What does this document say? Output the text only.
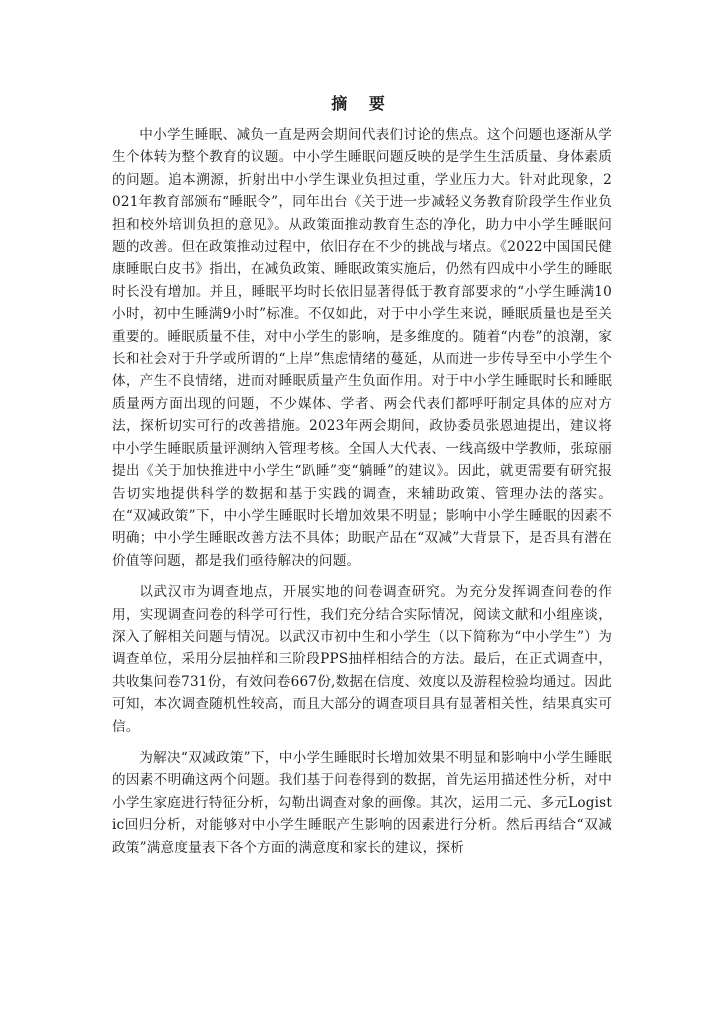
摘 要

中小学生睡眠、减负一直是两会期间代表们讨论的焦点。这个问题也逐渐从学生个体转为整个教育的议题。中小学生睡眠问题反映的是学生生活质量、身体素质的问题。追本溯源，折射出中小学生课业负担过重，学业压力大。针对此现象，2021年教育部颁布“睡眠令”，同年出台《关于进一步减轻义务教育阶段学生作业负担和校外培训负担的意见》。从政策面推动教育生态的净化，助力中小学生睡眠问题的改善。但在政策推动过程中，依旧存在不少的挑战与堵点。《2022中国国民健康睡眠白皮书》指出，在减负政策、睡眠政策实施后，仍然有四成中小学生的睡眠时长没有增加。并且，睡眠平均时长依旧显著得低于教育部要求的“小学生睡满10小时，初中生睡满9小时”标准。不仅如此，对于中小学生来说，睡眠质量也是至关重要的。睡眠质量不佳，对中小学生的影响，是多维度的。随着“内卷”的浪潮，家长和社会对于升学或所谓的“上岸”焦虑情绪的蔓延，从而进一步传导至中小学生个体，产生不良情绪，进而对睡眠质量产生负面作用。对于中小学生睡眠时长和睡眠质量两方面出现的问题，不少媒体、学者、两会代表们都呼吁制定具体的应对方法，探析切实可行的改善措施。2023年两会期间，政协委员张恩迪提出，建议将中小学生睡眠质量评测纳入管理考核。全国人大代表、一线高级中学教师，张琼丽提出《关于加快推进中小学生“趴睡”变“躺睡”的建议》。因此，就更需要有研究报告切实地提供科学的数据和基于实践的调查，来辅助政策、管理办法的落实。在“双减政策”下，中小学生睡眠时长增加效果不明显；影响中小学生睡眠的因素不明确；中小学生睡眠改善方法不具体；助眠产品在“双减”大背景下，是否具有潜在价值等问题，都是我们亟待解决的问题。

以武汉市为调查地点，开展实地的问卷调查研究。为充分发挥调查问卷的作用，实现调查问卷的科学可行性，我们充分结合实际情况，阅读文献和小组座谈，深入了解相关问题与情况。以武汉市初中生和小学生（以下简称为“中小学生”）为调查单位，采用分层抽样和三阶段PPS抽样相结合的方法。最后，在正式调查中，共收集问卷731份，有效问卷667份,数据在信度、效度以及游程检验均通过。因此可知，本次调查随机性较高，而且大部分的调查项目具有显著相关性，结果真实可信。

为解决“双减政策”下，中小学生睡眠时长增加效果不明显和影响中小学生睡眠的因素不明确这两个问题。我们基于问卷得到的数据，首先运用描述性分析，对中小学生家庭进行特征分析，勾勒出调查对象的画像。其次，运用二元、多元Logistic回归分析，对能够对中小学生睡眠产生影响的因素进行分析。然后再结合“双减政策”满意度量表下各个方面的满意度和家长的建议，探析
